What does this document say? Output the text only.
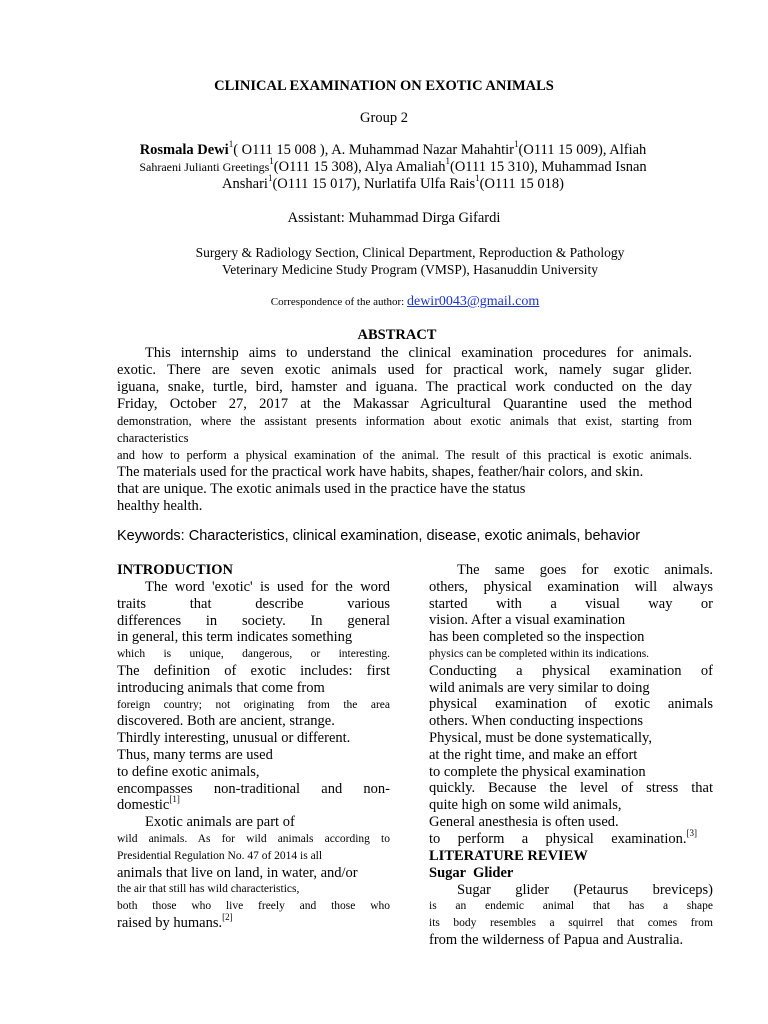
CLINICAL EXAMINATION ON EXOTIC ANIMALS
Group 2
Rosmala Dewi$^1$( O111 15 008 ), A. Muhammad Nazar Mahahtir$^1$(O111 15 009), Alfiah
Sahraeni Julianti Greetings$^1$(O111 15 308), Alya Amaliah$^1$(O111 15 310), Muhammad Isnan
Anshari$^1$(O111 15 017), Nurlatifa Ulfa Rais$^1$(O111 15 018)
Assistant: Muhammad Dirga Gifardi
Surgery & Radiology Section, Clinical Department, Reproduction & Pathology
Veterinary Medicine Study Program (VMSP), Hasanuddin University
Correspondence of the author: dewir0043@gmail.com
ABSTRACT

This internship aims to understand the clinical examination procedures for animals.

exotic. There are seven exotic animals used for practical work, namely sugar glider.

iguana, snake, turtle, bird, hamster and iguana. The practical work conducted on the day

Friday, October 27, 2017 at the Makassar Agricultural Quarantine used the method

demonstration, where the assistant presents information about exotic animals that exist, starting from

characteristics

and how to perform a physical examination of the animal. The result of this practical is exotic animals.

The materials used for the practical work have habits, shapes, feather/hair colors, and skin.

that are unique. The exotic animals used in the practice have the status

healthy health.

Keywords: Characteristics, clinical examination, disease, exotic animals, behavior
INTRODUCTION

The word 'exotic' is used for the word

traits that describe various

differences in society. In general

in general, this term indicates something

which is unique, dangerous, or interesting.

The definition of exotic includes: first

introducing animals that come from

foreign country; not originating from the area

discovered. Both are ancient, strange.

Thirdly interesting, unusual or different.

Thus, many terms are used

to define exotic animals,

encompasses non-traditional and non-

domestic[1]

Exotic animals are part of

wild animals. As for wild animals according to

Presidential Regulation No. 47 of 2014 is all

animals that live on land, in water, and/or

the air that still has wild characteristics,

both those who live freely and those who

raised by humans.[2]

The same goes for exotic animals.

others, physical examination will always

started with a visual way or

vision. After a visual examination

has been completed so the inspection

physics can be completed within its indications.

Conducting a physical examination of

wild animals are very similar to doing

physical examination of exotic animals

others. When conducting inspections

Physical, must be done systematically,

at the right time, and make an effort

to complete the physical examination

quickly. Because the level of stress that

quite high on some wild animals,

General anesthesia is often used.

to perform a physical examination.[3]

LITERATURE REVIEW
Sugar  Glider

Sugar glider (Petaurus breviceps)

is an endemic animal that has a shape

its body resembles a squirrel that comes from

from the wilderness of Papua and Australia.
